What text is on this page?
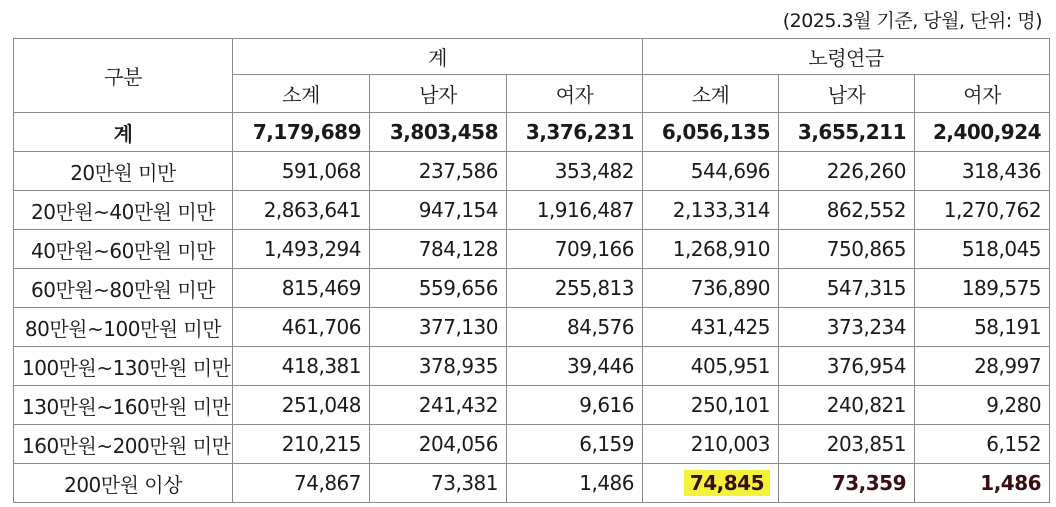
(2025.3월 기준, 당월, 단위: 명)
구분	계			노령연금		
	소계	남자	여자	소계	남자	여자
계	7,179,689	3,803,458	3,376,231	6,056,135	3,655,211	2,400,924
20만원 미만	591,068	237,586	353,482	544,696	226,260	318,436
20만원~40만원 미만	2,863,641	947,154	1,916,487	2,133,314	862,552	1,270,762
40만원~60만원 미만	1,493,294	784,128	709,166	1,268,910	750,865	518,045
60만원~80만원 미만	815,469	559,656	255,813	736,890	547,315	189,575
80만원~100만원 미만	461,706	377,130	84,576	431,425	373,234	58,191
100만원~130만원 미만	418,381	378,935	39,446	405,951	376,954	28,997
130만원~160만원 미만	251,048	241,432	9,616	250,101	240,821	9,280
160만원~200만원 미만	210,215	204,056	6,159	210,003	203,851	6,152
200만원 이상	74,867	73,381	1,486	74,845	73,359	1,486
